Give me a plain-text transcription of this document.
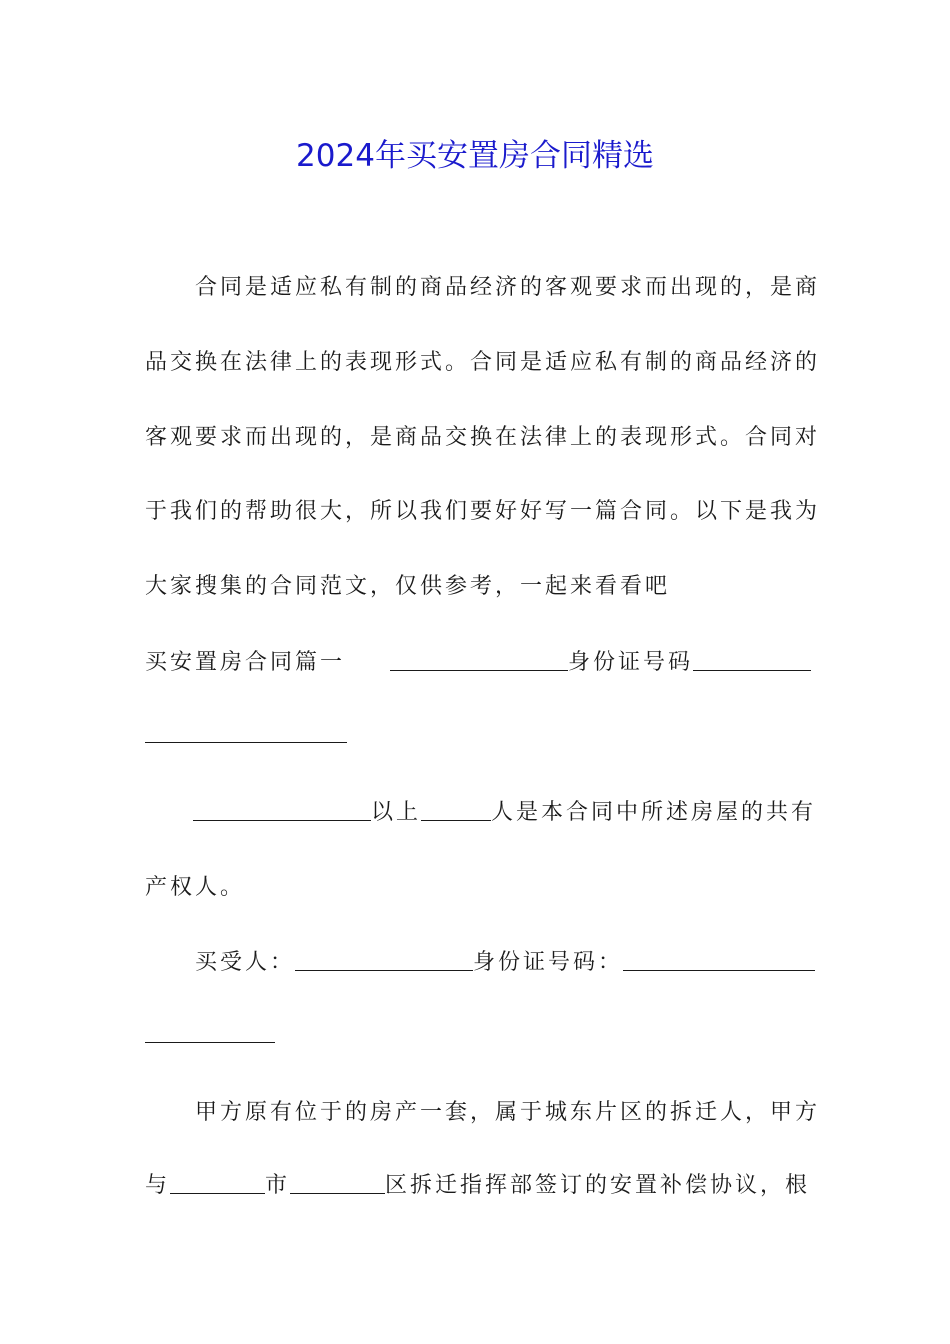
2024年买安置房合同精选
合同是适应私有制的商品经济的客观要求而出现的，是商
品交换在法律上的表现形式。合同是适应私有制的商品经济的
客观要求而出现的，是商品交换在法律上的表现形式。合同对
于我们的帮助很大，所以我们要好好写一篇合同。以下是我为
大家搜集的合同范文，仅供参考，一起来看看吧
买安置房合同篇一	身份证号码
以上	人是本合同中所述房屋的共有
产权人。
买受人：	身份证号码：
甲方原有位于的房产一套，属于城东片区的拆迁人，甲方
与	市	区拆迁指挥部签订的安置补偿协议，根
